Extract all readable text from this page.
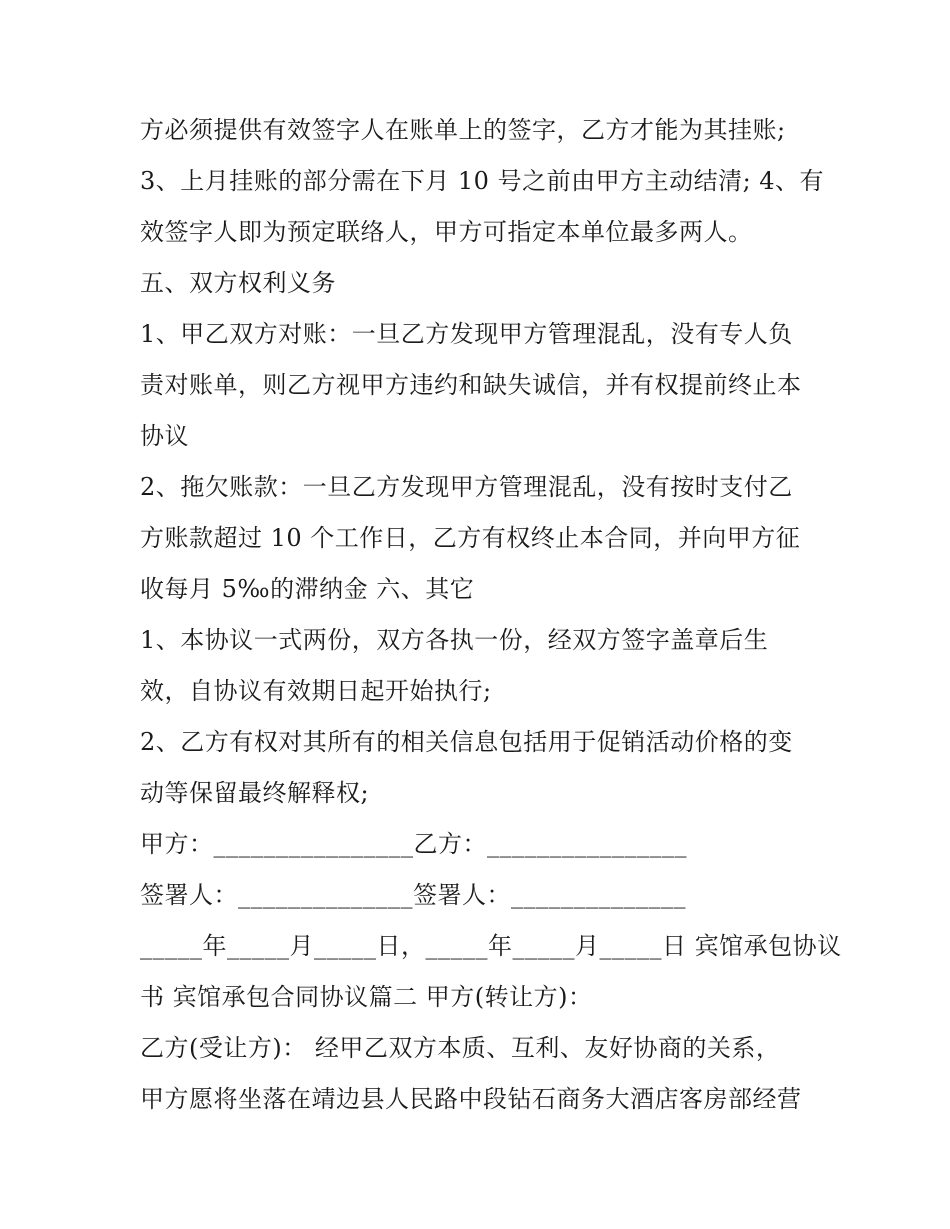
方必须提供有效签字人在账单上的签字，乙方才能为其挂账;
3、上月挂账的部分需在下月 10 号之前由甲方主动结清; 4、有
效签字人即为预定联络人，甲方可指定本单位最多两人。
五、双方权利义务
1、甲乙双方对账：一旦乙方发现甲方管理混乱，没有专人负
责对账单，则乙方视甲方违约和缺失诚信，并有权提前终止本
协议
2、拖欠账款：一旦乙方发现甲方管理混乱，没有按时支付乙
方账款超过 10 个工作日，乙方有权终止本合同，并向甲方征
收每月 5‰的滞纳金 六、其它
1、本协议一式两份，双方各执一份，经双方签字盖章后生
效，自协议有效期日起开始执行;
2、乙方有权对其所有的相关信息包括用于促销活动价格的变
动等保留最终解释权;
甲方：________________乙方：________________
签署人：______________签署人：______________
_____年_____月_____日，_____年_____月_____日 宾馆承包协议
书 宾馆承包合同协议篇二 甲方(转让方)：
乙方(受让方)： 经甲乙双方本质、互利、友好协商的关系，
甲方愿将坐落在靖边县人民路中段钻石商务大酒店客房部经营
